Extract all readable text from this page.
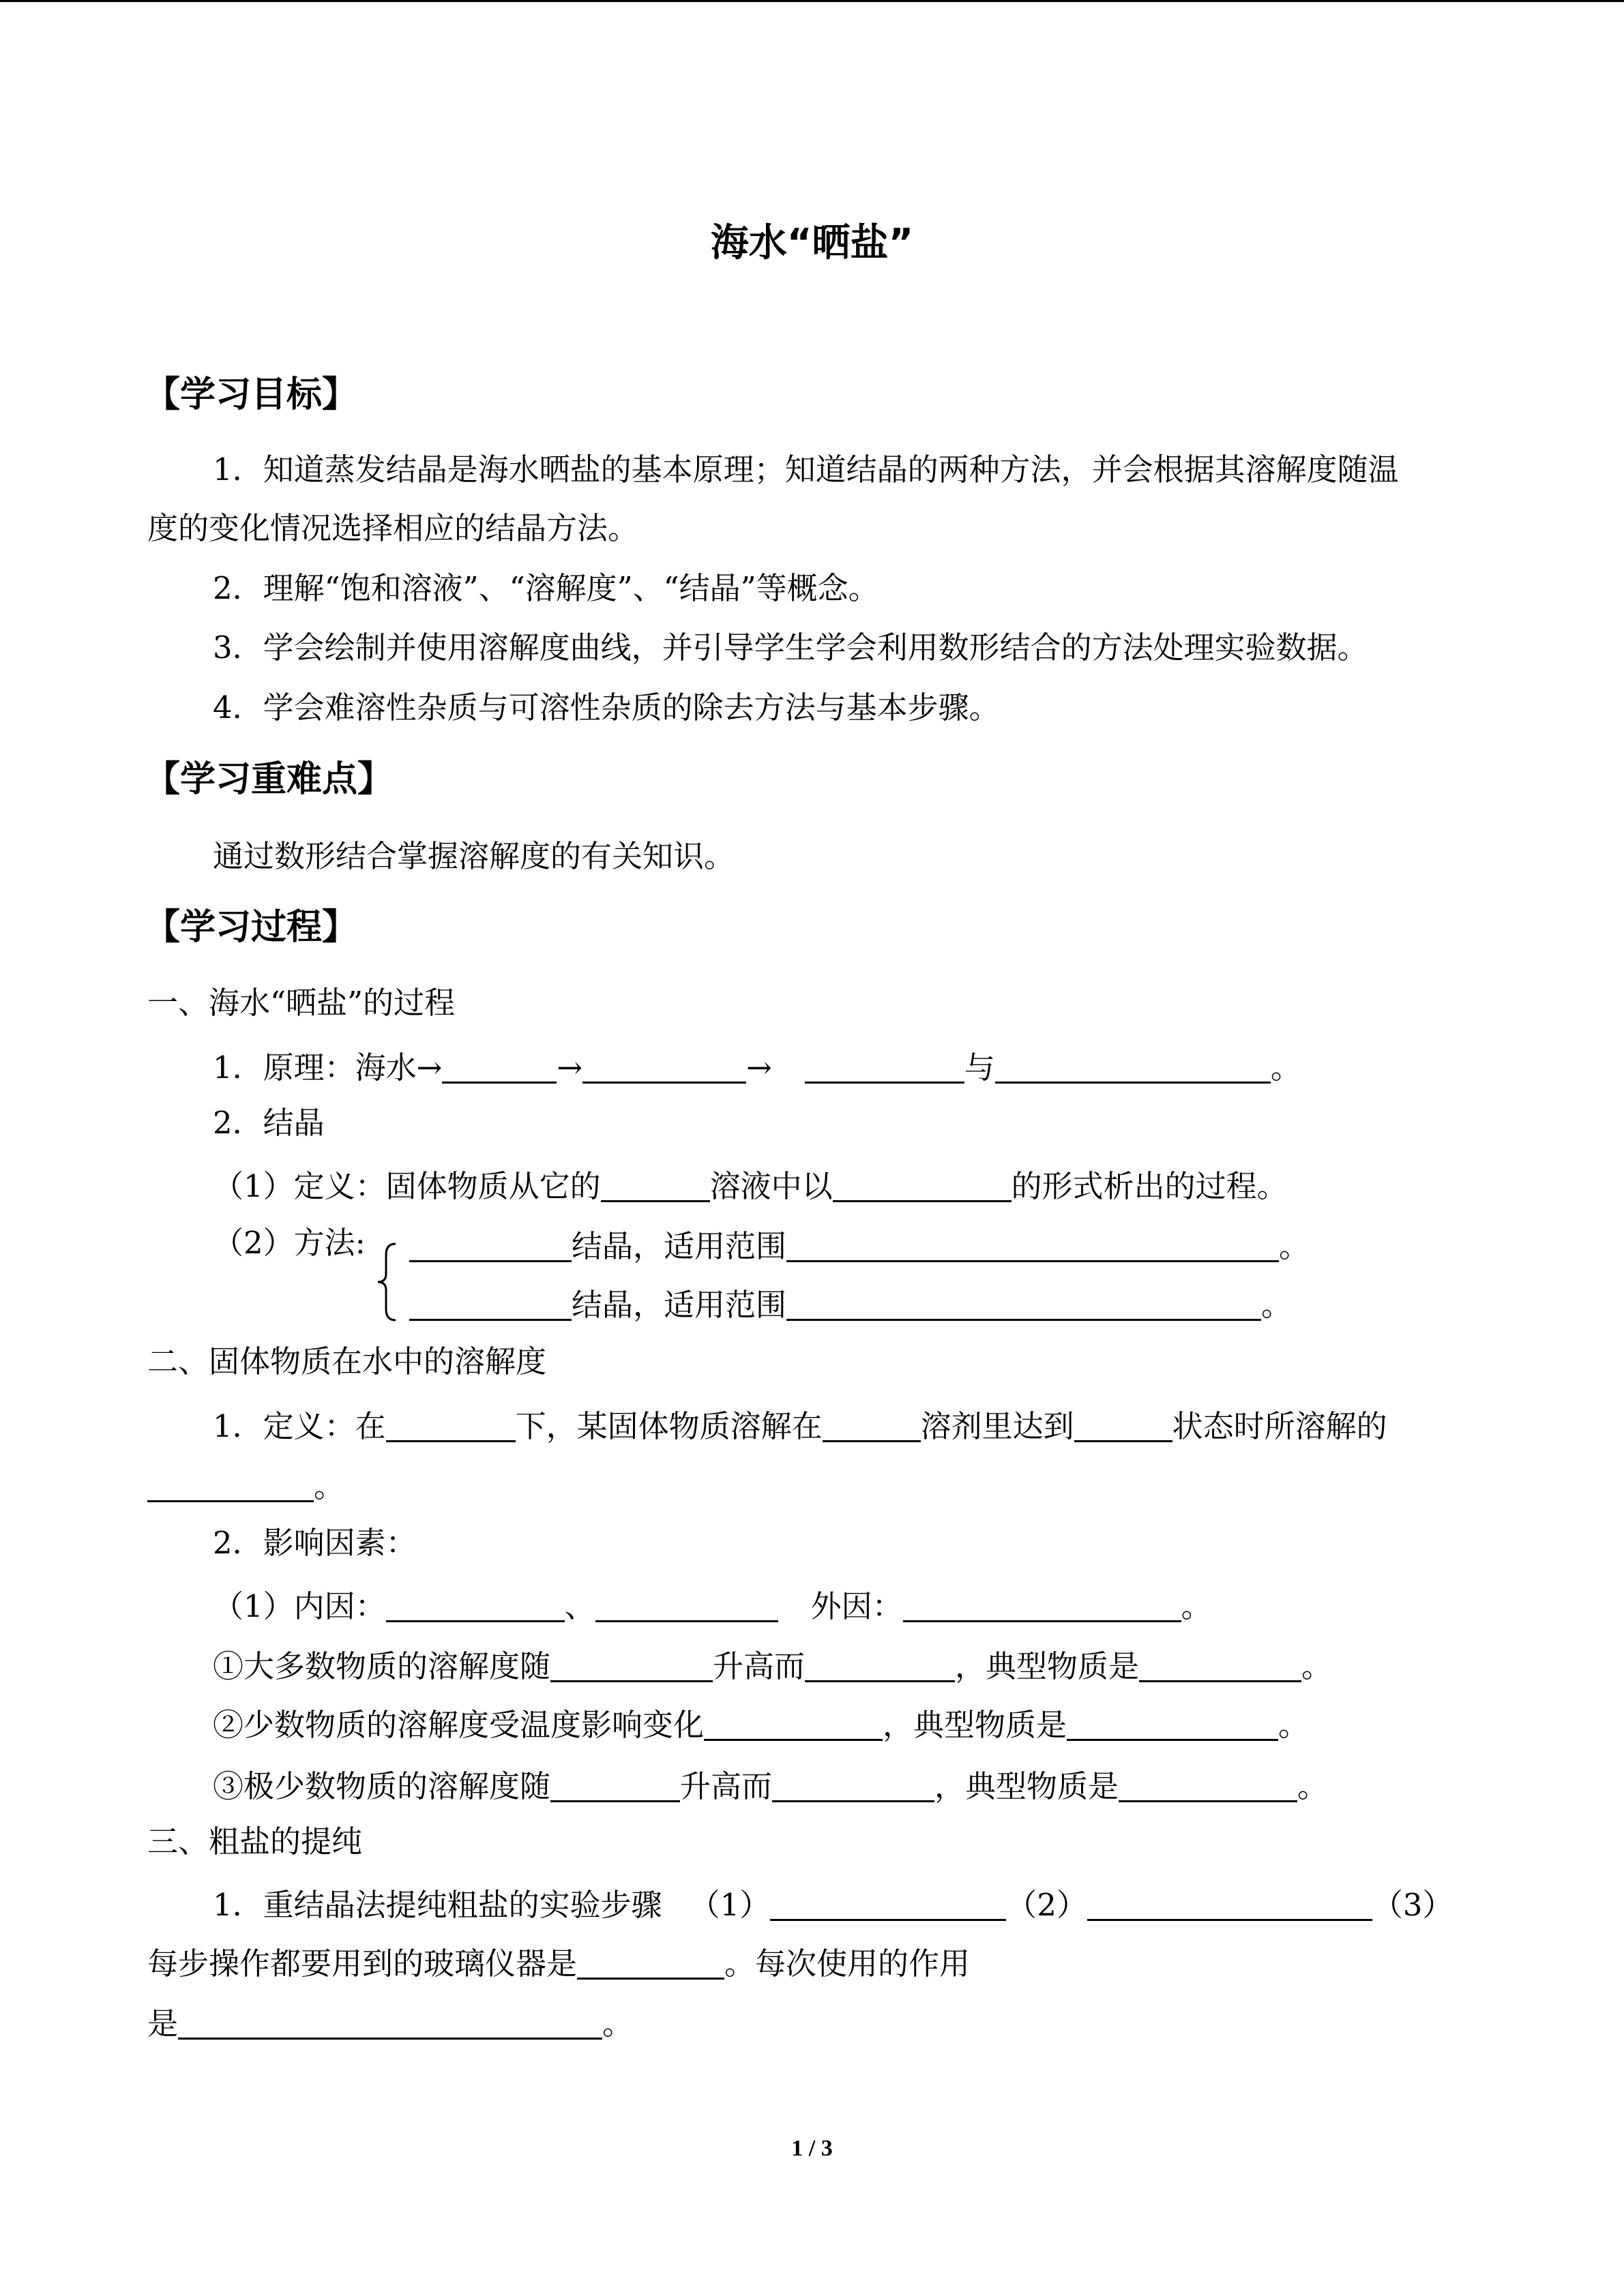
海水“晒盐”
【学习目标】
1．知道蒸发结晶是海水晒盐的基本原理；知道结晶的两种方法，并会根据其溶解度随温
度的变化情况选择相应的结晶方法。
2．理解“饱和溶液”、“溶解度”、“结晶”等概念。
3．学会绘制并使用溶解度曲线，并引导学生学会利用数形结合的方法处理实验数据。
4．学会难溶性杂质与可溶性杂质的除去方法与基本步骤。
【学习重难点】
通过数形结合掌握溶解度的有关知识。
【学习过程】
一、海水“晒盐”的过程
1．原理：海水→	→	→	与	。
2．结晶
（1）定义：固体物质从它的	溶液中以	的形式析出的过程。
（2）方法:	结晶，适用范围	。
结晶，适用范围	。
二、固体物质在水中的溶解度
1．定义：在	下，某固体物质溶解在	溶剂里达到	状态时所溶解的
。
2．影响因素：
（1）内因：	、	外因：	。
①大多数物质的溶解度随	升高而	，典型物质是	。
②少数物质的溶解度受温度影响变化	，典型物质是	。
③极少数物质的溶解度随	升高而	，典型物质是	。
三、粗盐的提纯
1．重结晶法提纯粗盐的实验步骤 （1）	（2）	（3）
每步操作都要用到的玻璃仪器是	。每次使用的作用
是	。
1 / 3
